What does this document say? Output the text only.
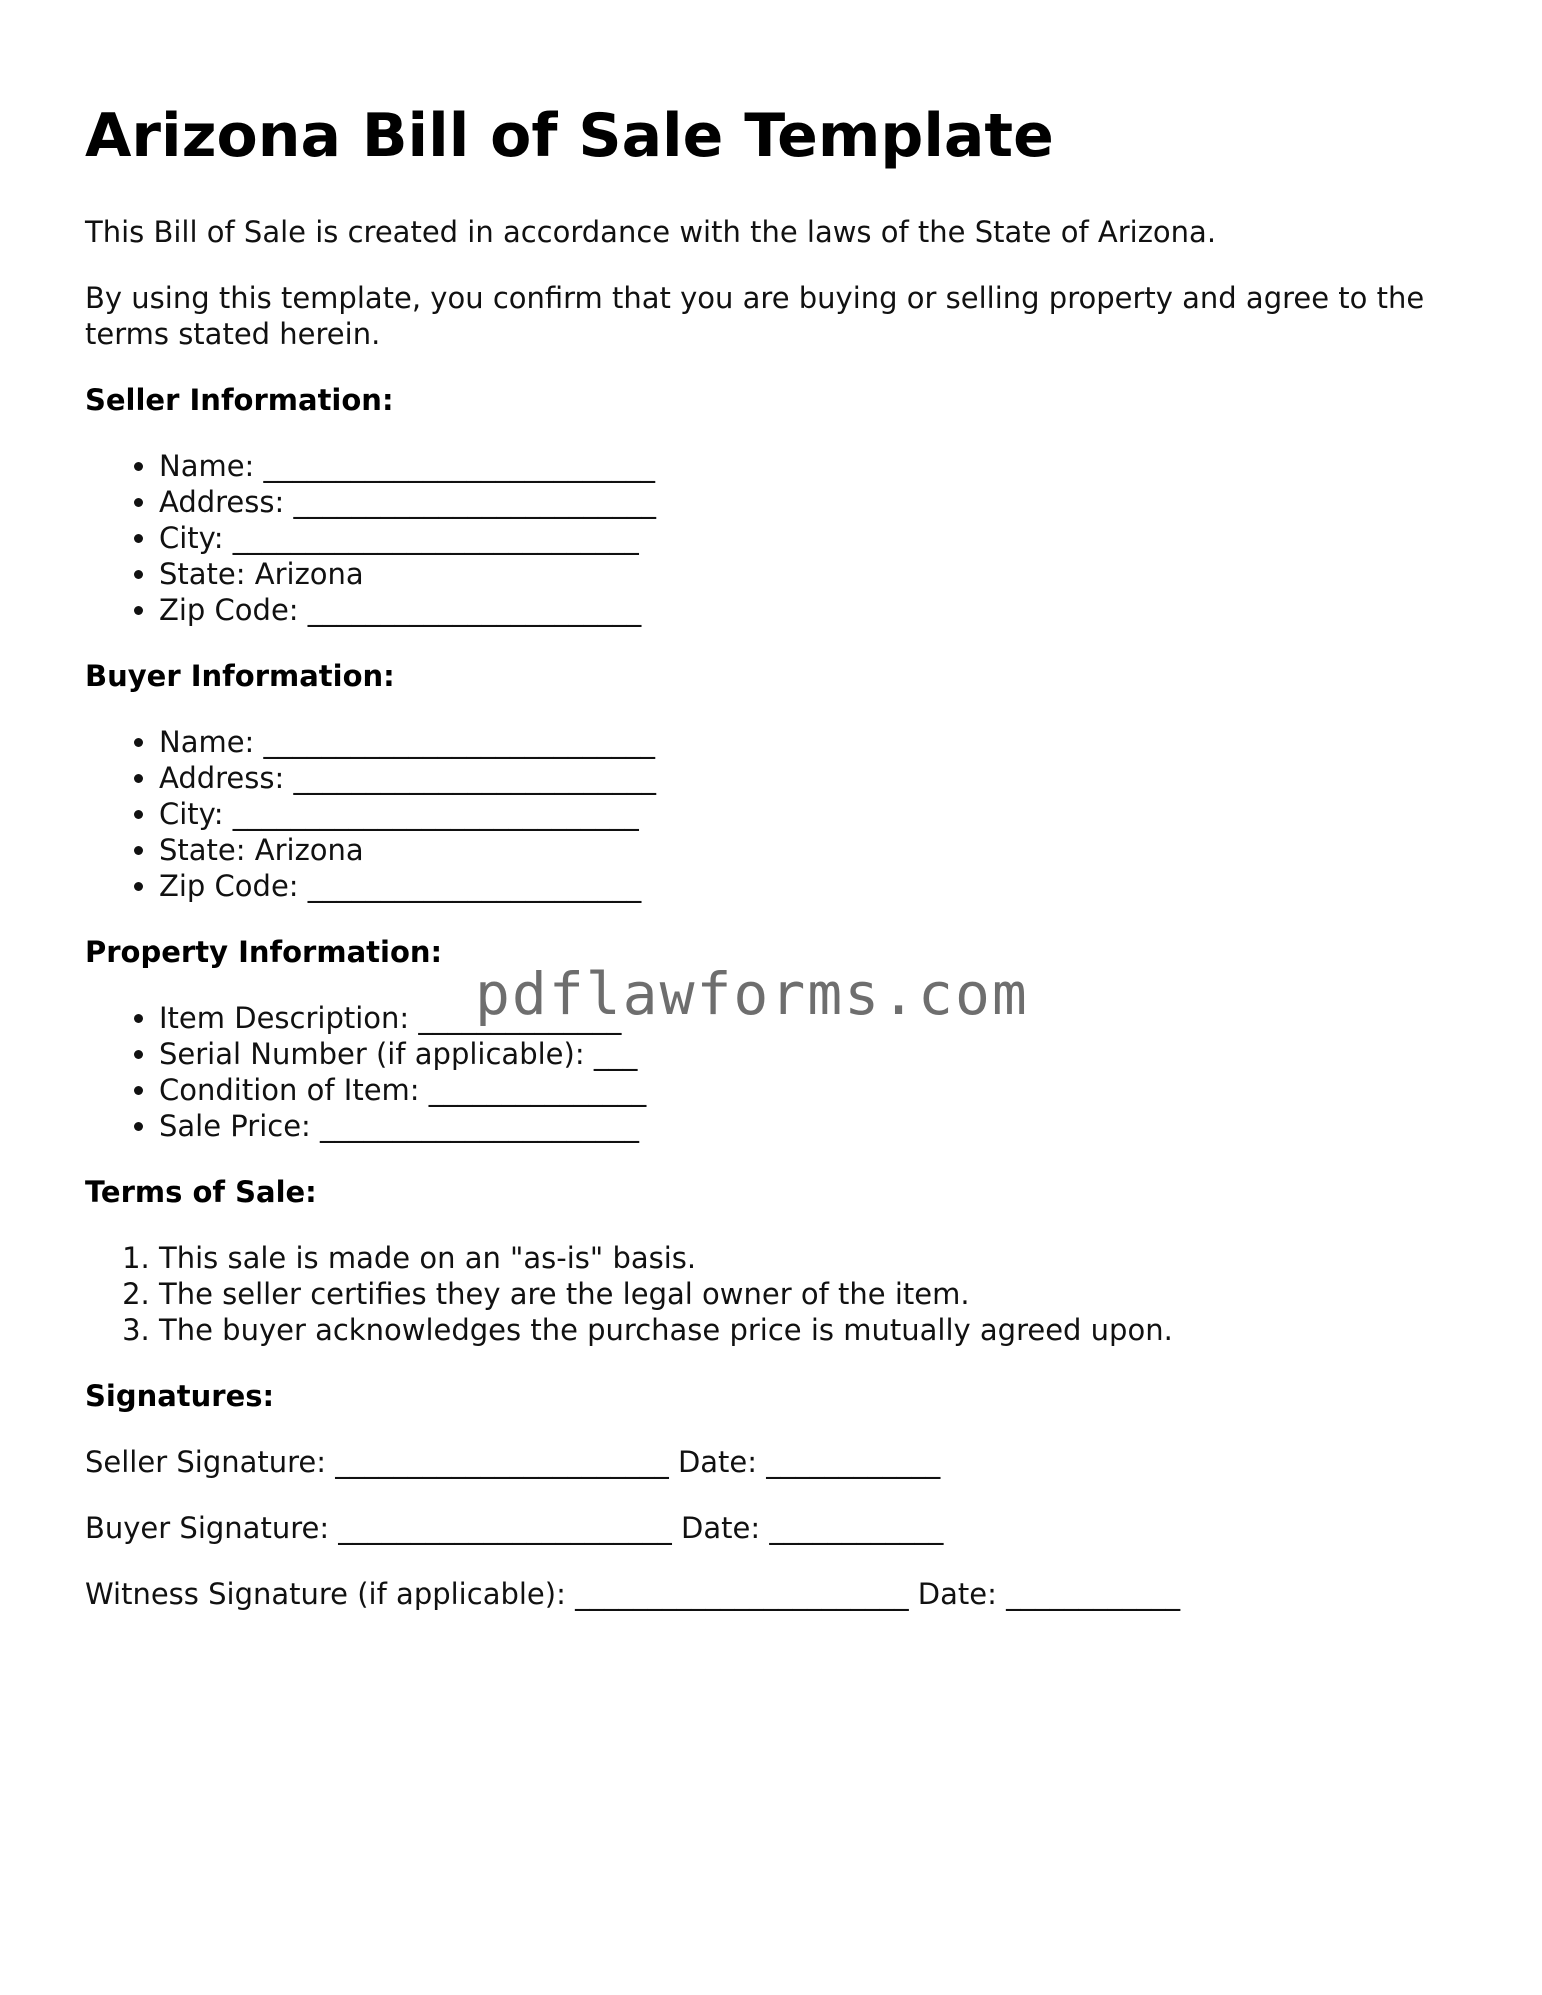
Arizona Bill of Sale Template

This Bill of Sale is created in accordance with the laws of the State of Arizona.

By using this template, you confirm that you are buying or selling property and agree to the terms stated herein.

Seller Information:
• Name: ___________________________
• Address: _________________________
• City: ____________________________
• State: Arizona
• Zip Code: _______________________
Buyer Information:
• Name: ___________________________
• Address: _________________________
• City: ____________________________
• State: Arizona
• Zip Code: _______________________
Property Information:
• Item Description: ______________
• Serial Number (if applicable): ___
• Condition of Item: _______________
• Sale Price: ______________________
Terms of Sale:
1. This sale is made on an "as-is" basis.
2. The seller certifies they are the legal owner of the item.
3. The buyer acknowledges the purchase price is mutually agreed upon.
Signatures:
Seller Signature: _______________________ Date: ____________
Buyer Signature: _______________________ Date: ____________
Witness Signature (if applicable): _______________________ Date: ____________
pdflawforms.com
